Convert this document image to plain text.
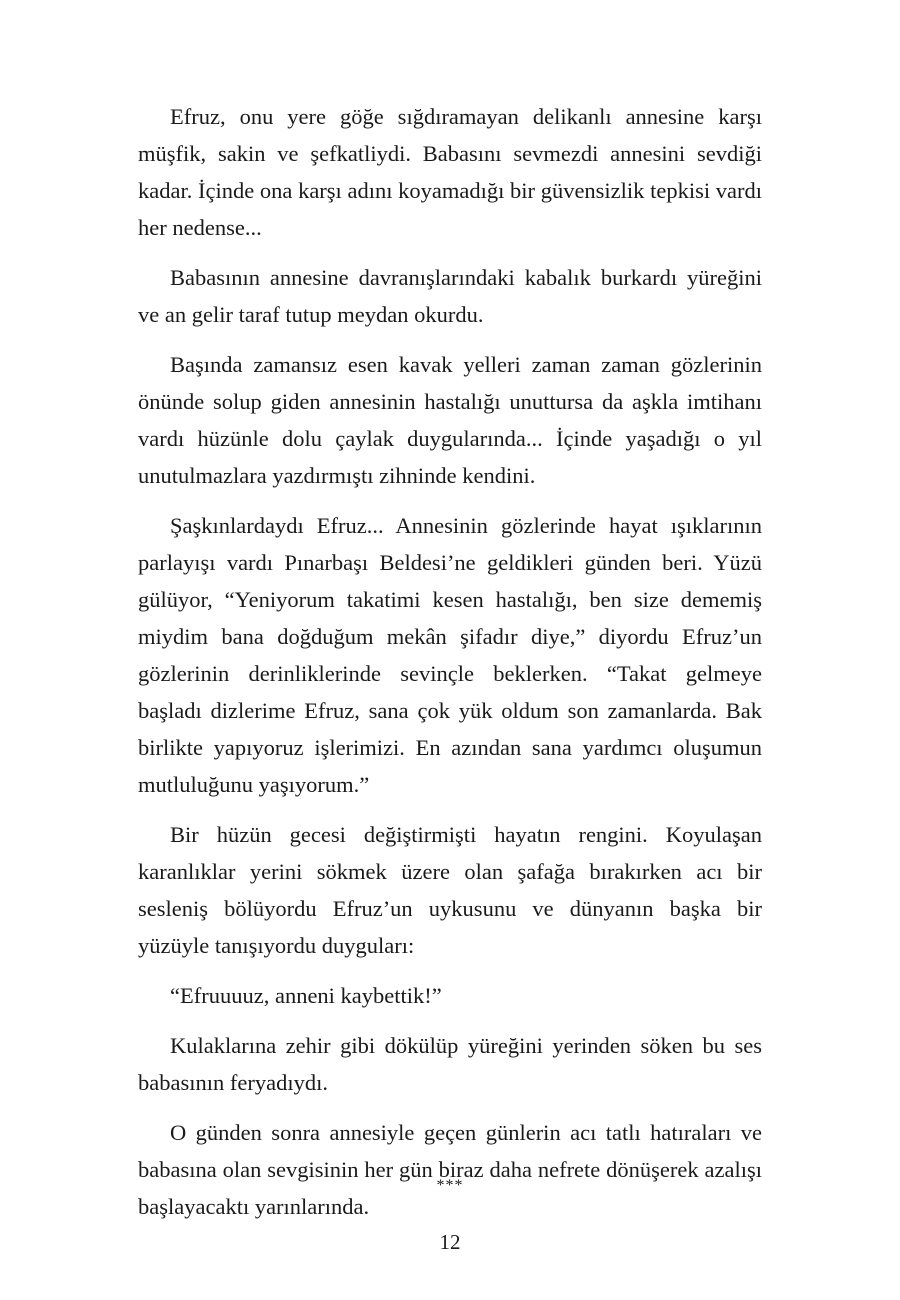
Efruz, onu yere göğe sığdıramayan delikanlı annesine karşı müşfik, sakin ve şefkatliydi. Babasını sevmezdi annesini sevdiği kadar. İçinde ona karşı adını koyamadığı bir güvensizlik tepkisi vardı her nedense...

Babasının annesine davranışlarındaki kabalık burkardı yüreğini ve an gelir taraf tutup meydan okurdu.

Başında zamansız esen kavak yelleri zaman zaman gözlerinin önünde solup giden annesinin hastalığı unuttursa da aşkla imtihanı vardı hüzünle dolu çaylak duygularında... İçinde yaşadığı o yıl unutulmazlara yazdırmıştı zihninde kendini.

Şaşkınlardaydı Efruz... Annesinin gözlerinde hayat ışıklarının parlayışı vardı Pınarbaşı Beldesi’ne geldikleri günden beri. Yüzü gülüyor, “Yeniyorum takatimi kesen hastalığı, ben size dememiş miydim bana doğduğum mekân şifadır diye,” diyordu Efruz’un gözlerinin derinliklerinde sevinçle beklerken. “Takat gelmeye başladı dizlerime Efruz, sana çok yük oldum son zamanlarda. Bak birlikte yapıyoruz işlerimizi. En azından sana yardımcı oluşumun mutluluğunu yaşıyorum.”

Bir hüzün gecesi değiştirmişti hayatın rengini. Koyulaşan karanlıklar yerini sökmek üzere olan şafağa bırakırken acı bir sesleniş bölüyordu Efruz’un uykusunu ve dünyanın başka bir yüzüyle tanışıyordu duyguları:

“Efruuuuz, anneni kaybettik!”

Kulaklarına zehir gibi dökülüp yüreğini yerinden söken bu ses babasının feryadıydı.

O günden sonra annesiyle geçen günlerin acı tatlı hatıraları ve babasına olan sevgisinin her gün biraz daha nefrete dönüşerek azalışı başlayacaktı yarınlarında.

***
12
